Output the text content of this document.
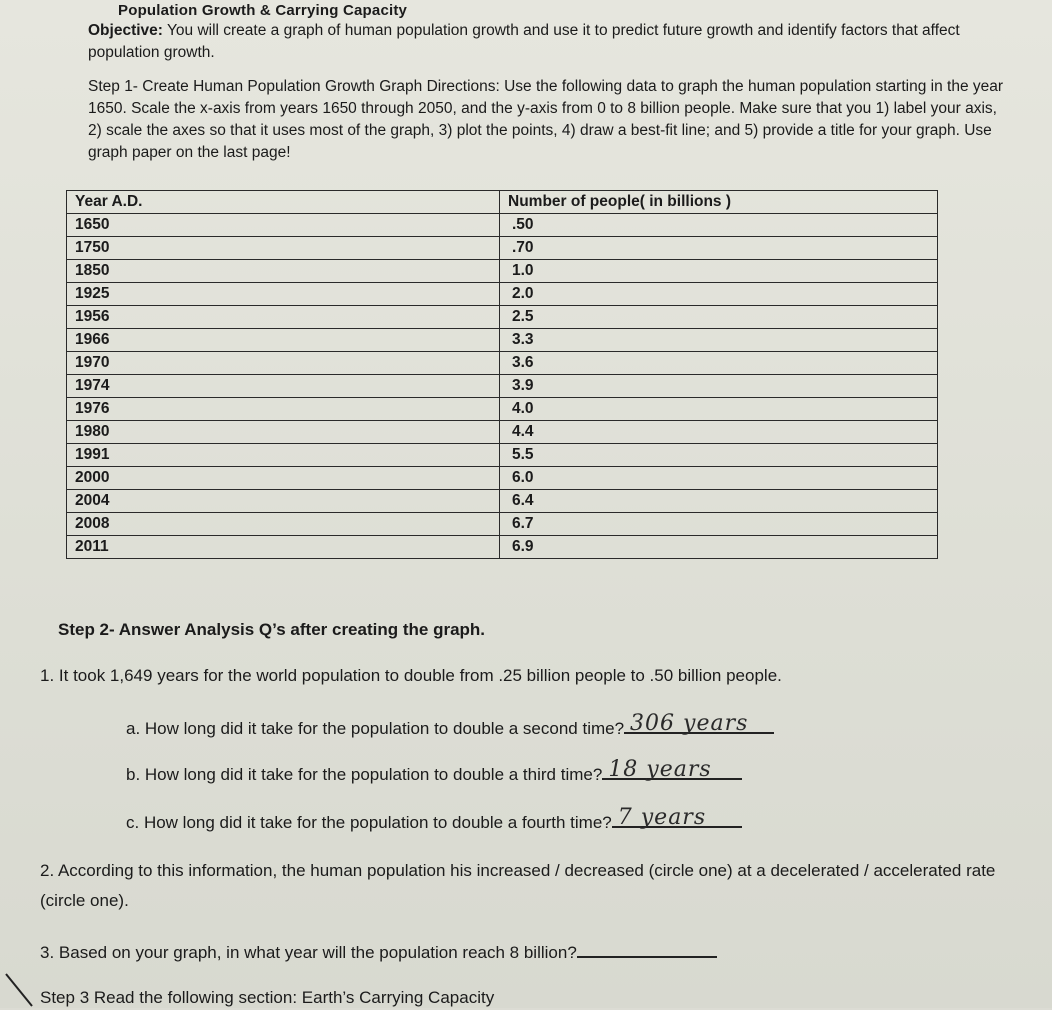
Population Growth & Carrying Capacity
Objective: You will create a graph of human population growth and use it to predict future growth and identify factors that affect population growth.
Step 1- Create Human Population Growth Graph Directions: Use the following data to graph the human population starting in the year 1650. Scale the x-axis from years 1650 through 2050, and the y-axis from 0 to 8 billion people. Make sure that you 1) label your axis, 2) scale the axes so that it uses most of the graph, 3) plot the points, 4) draw a best-fit line; and 5) provide a title for your graph. Use graph paper on the last page!
Year A.D.	Number of people( in billions )
1650	.50
1750	.70
1850	1.0
1925	2.0
1956	2.5
1966	3.3
1970	3.6
1974	3.9
1976	4.0
1980	4.4
1991	5.5
2000	6.0
2004	6.4
2008	6.7
2011	6.9
Step 2- Answer Analysis Q’s after creating the graph.
1. It took 1,649 years for the world population to double from .25 billion people to .50 billion people.
a. How long did it take for the population to double a second time? 306 years
b. How long did it take for the population to double a third time? 18 years
c. How long did it take for the population to double a fourth time? 7 years
2. According to this information, the human population his increased / decreased (circle one) at a decelerated / accelerated rate (circle one).
3. Based on your graph, in what year will the population reach 8 billion?
Step 3 Read the following section: Earth’s Carrying Capacity
